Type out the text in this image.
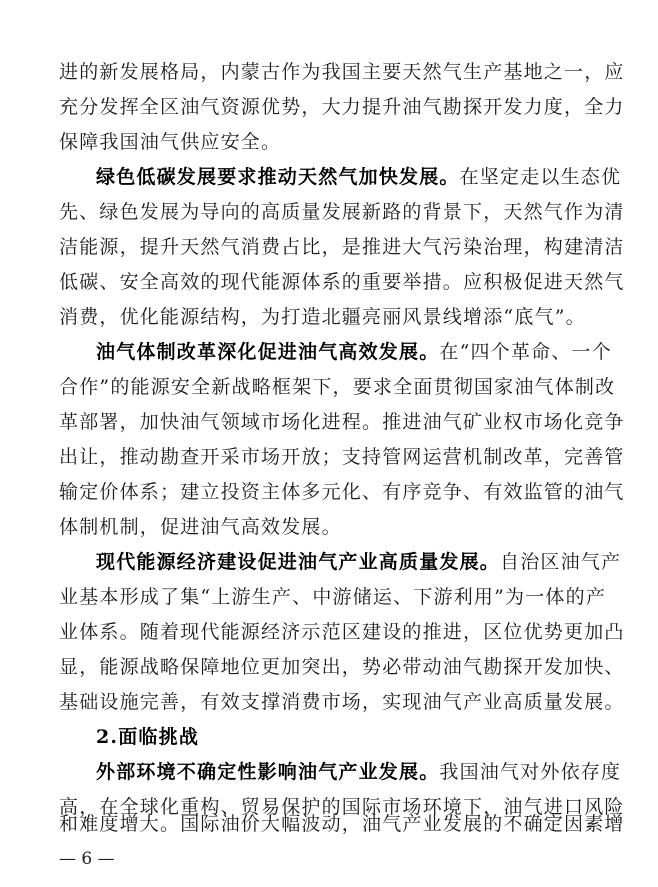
进的新发展格局，内蒙古作为我国主要天然气生产基地之一，应
充分发挥全区油气资源优势，大力提升油气勘探开发力度，全力
保障我国油气供应安全。
绿色低碳发展要求推动天然气加快发展。在坚定走以生态优
先、绿色发展为导向的高质量发展新路的背景下，天然气作为清
洁能源，提升天然气消费占比，是推进大气污染治理，构建清洁
低碳、安全高效的现代能源体系的重要举措。应积极促进天然气
消费，优化能源结构，为打造北疆亮丽风景线增添“底气”。
油气体制改革深化促进油气高效发展。在“四个革命、一个
合作”的能源安全新战略框架下，要求全面贯彻国家油气体制改
革部署，加快油气领域市场化进程。推进油气矿业权市场化竞争
出让，推动勘查开采市场开放；支持管网运营机制改革，完善管
输定价体系；建立投资主体多元化、有序竞争、有效监管的油气
体制机制，促进油气高效发展。
现代能源经济建设促进油气产业高质量发展。自治区油气产
业基本形成了集“上游生产、中游储运、下游利用”为一体的产
业体系。随着现代能源经济示范区建设的推进，区位优势更加凸
显，能源战略保障地位更加突出，势必带动油气勘探开发加快、
基础设施完善，有效支撑消费市场，实现油气产业高质量发展。
2.面临挑战
外部环境不确定性影响油气产业发展。我国油气对外依存度
高，在全球化重构、贸易保护的国际市场环境下，油气进口风险
— 6 —
和难度增大。国际油价大幅波动，油气产业发展的不确定因素增
